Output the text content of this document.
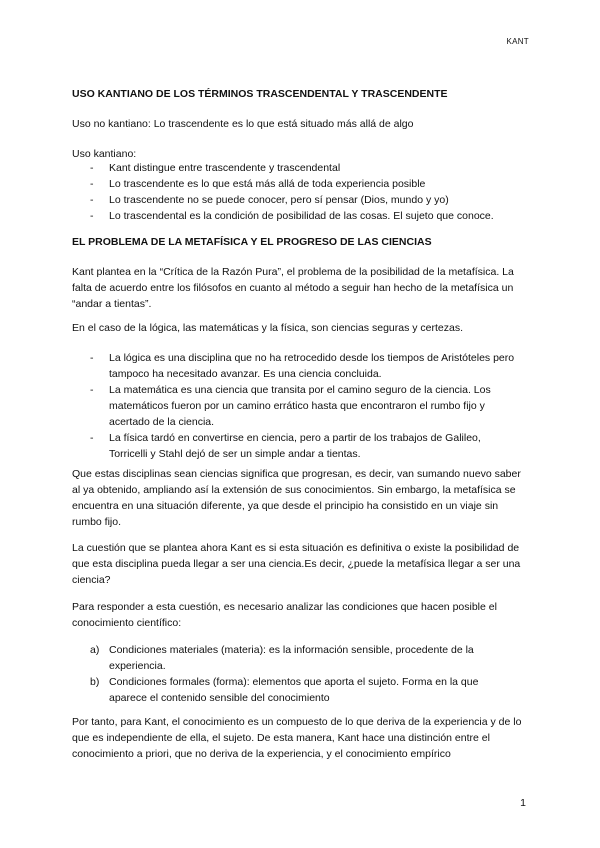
KANT
USO KANTIANO DE LOS TÉRMINOS TRASCENDENTAL Y TRASCENDENTE
Uso no kantiano: Lo trascendente es lo que está situado más allá de algo
Uso kantiano:
- Kant distingue entre trascendente y trascendental
- Lo trascendente es lo que está más allá de toda experiencia posible
- Lo trascendente no se puede conocer, pero sí pensar (Dios, mundo y yo)
- Lo trascendental es la condición de posibilidad de las cosas. El sujeto que conoce.
EL PROBLEMA DE LA METAFÍSICA Y EL PROGRESO DE LAS CIENCIAS
Kant plantea en la “Crítica de la Razón Pura”, el problema de la posibilidad de la metafísica. La falta de acuerdo entre los filósofos en cuanto al método a seguir han hecho de la metafísica un “andar a tientas”.
En el caso de la lógica, las matemáticas y la física, son ciencias seguras y certezas.
- La lógica es una disciplina que no ha retrocedido desde los tiempos de Aristóteles pero tampoco ha necesitado avanzar. Es una ciencia concluida.
- La matemática es una ciencia que transita por el camino seguro de la ciencia. Los matemáticos fueron por un camino errático hasta que encontraron el rumbo fijo y acertado de la ciencia.
- La física tardó en convertirse en ciencia, pero a partir de los trabajos de Galileo, Torricelli y Stahl dejó de ser un simple andar a tientas.
Que estas disciplinas sean ciencias significa que progresan, es decir, van sumando nuevo saber al ya obtenido, ampliando así la extensión de sus conocimientos. Sin embargo, la metafísica se encuentra en una situación diferente, ya que desde el principio ha consistido en un viaje sin rumbo fijo.
La cuestión que se plantea ahora Kant es si esta situación es definitiva o existe la posibilidad de que esta disciplina pueda llegar a ser una ciencia.Es decir, ¿puede la metafísica llegar a ser una ciencia?
Para responder a esta cuestión, es necesario analizar las condiciones que hacen posible el conocimiento científico:
a) Condiciones materiales (materia): es la información sensible, procedente de la experiencia.
b) Condiciones formales (forma): elementos que aporta el sujeto. Forma en la que aparece el contenido sensible del conocimiento
Por tanto, para Kant, el conocimiento es un compuesto de lo que deriva de la experiencia y de lo que es independiente de ella, el sujeto. De esta manera, Kant hace una distinción entre el conocimiento a priori, que no deriva de la experiencia, y el conocimiento empírico
1
